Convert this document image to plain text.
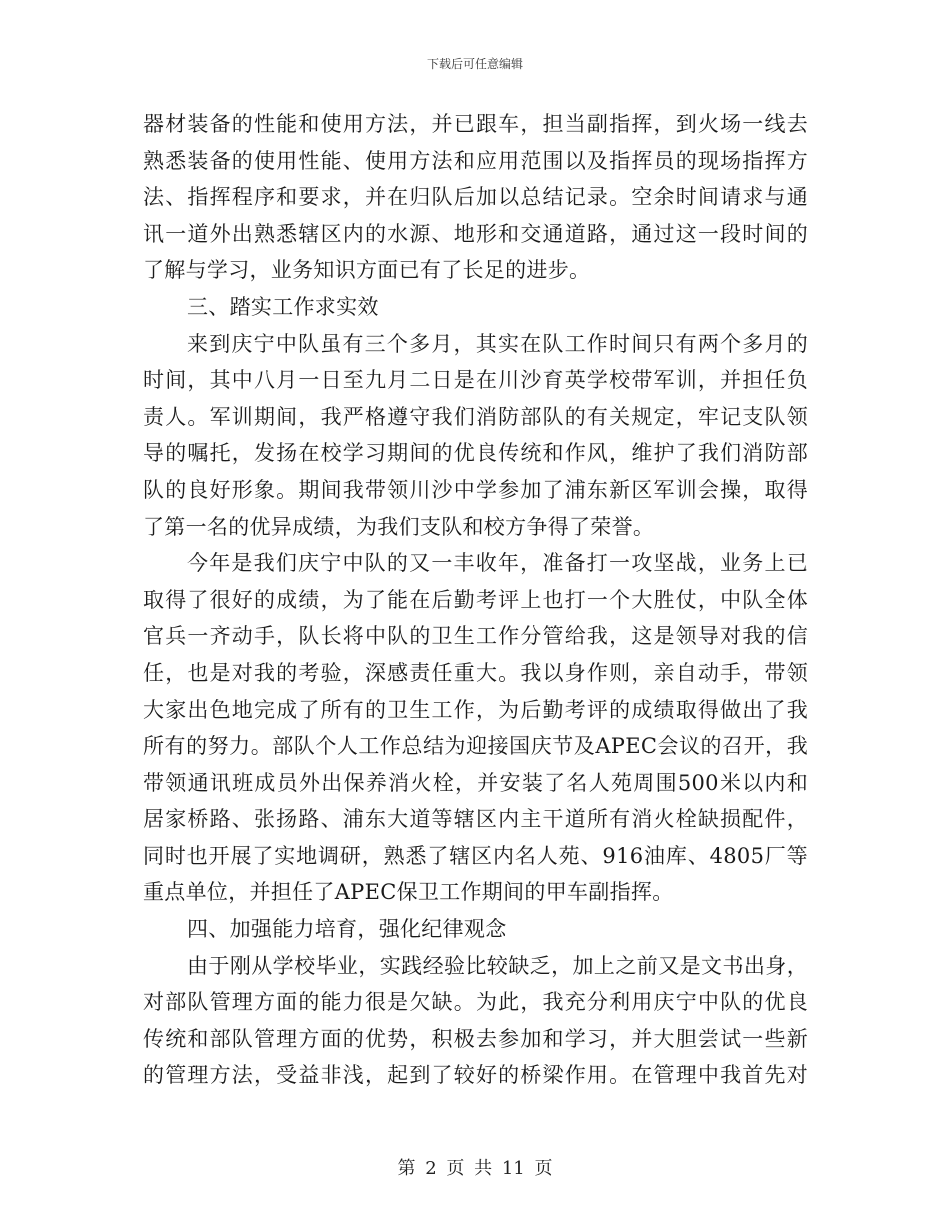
下载后可任意编辑
器材装备的性能和使用方法，并已跟车，担当副指挥，到火场一线去
熟悉装备的使用性能、使用方法和应用范围以及指挥员的现场指挥方
法、指挥程序和要求，并在归队后加以总结记录。空余时间请求与通
讯一道外出熟悉辖区内的水源、地形和交通道路，通过这一段时间的
了解与学习，业务知识方面已有了长足的进步。
三、踏实工作求实效
来到庆宁中队虽有三个多月，其实在队工作时间只有两个多月的
时间，其中八月一日至九月二日是在川沙育英学校带军训，并担任负
责人。军训期间，我严格遵守我们消防部队的有关规定，牢记支队领
导的嘱托，发扬在校学习期间的优良传统和作风，维护了我们消防部
队的良好形象。期间我带领川沙中学参加了浦东新区军训会操，取得
了第一名的优异成绩，为我们支队和校方争得了荣誉。
今年是我们庆宁中队的又一丰收年，准备打一攻坚战，业务上已
取得了很好的成绩，为了能在后勤考评上也打一个大胜仗，中队全体
官兵一齐动手，队长将中队的卫生工作分管给我，这是领导对我的信
任，也是对我的考验，深感责任重大。我以身作则，亲自动手，带领
大家出色地完成了所有的卫生工作，为后勤考评的成绩取得做出了我
所有的努力。部队个人工作总结为迎接国庆节及APEC会议的召开，我
带领通讯班成员外出保养消火栓，并安装了名人苑周围500米以内和
居家桥路、张扬路、浦东大道等辖区内主干道所有消火栓缺损配件，
同时也开展了实地调研，熟悉了辖区内名人苑、916油库、4805厂等
重点单位，并担任了APEC保卫工作期间的甲车副指挥。
四、加强能力培育，强化纪律观念
由于刚从学校毕业，实践经验比较缺乏，加上之前又是文书出身，
对部队管理方面的能力很是欠缺。为此，我充分利用庆宁中队的优良
传统和部队管理方面的优势，积极去参加和学习，并大胆尝试一些新
的管理方法，受益非浅，起到了较好的桥梁作用。在管理中我首先对
第 2 页 共 11 页
